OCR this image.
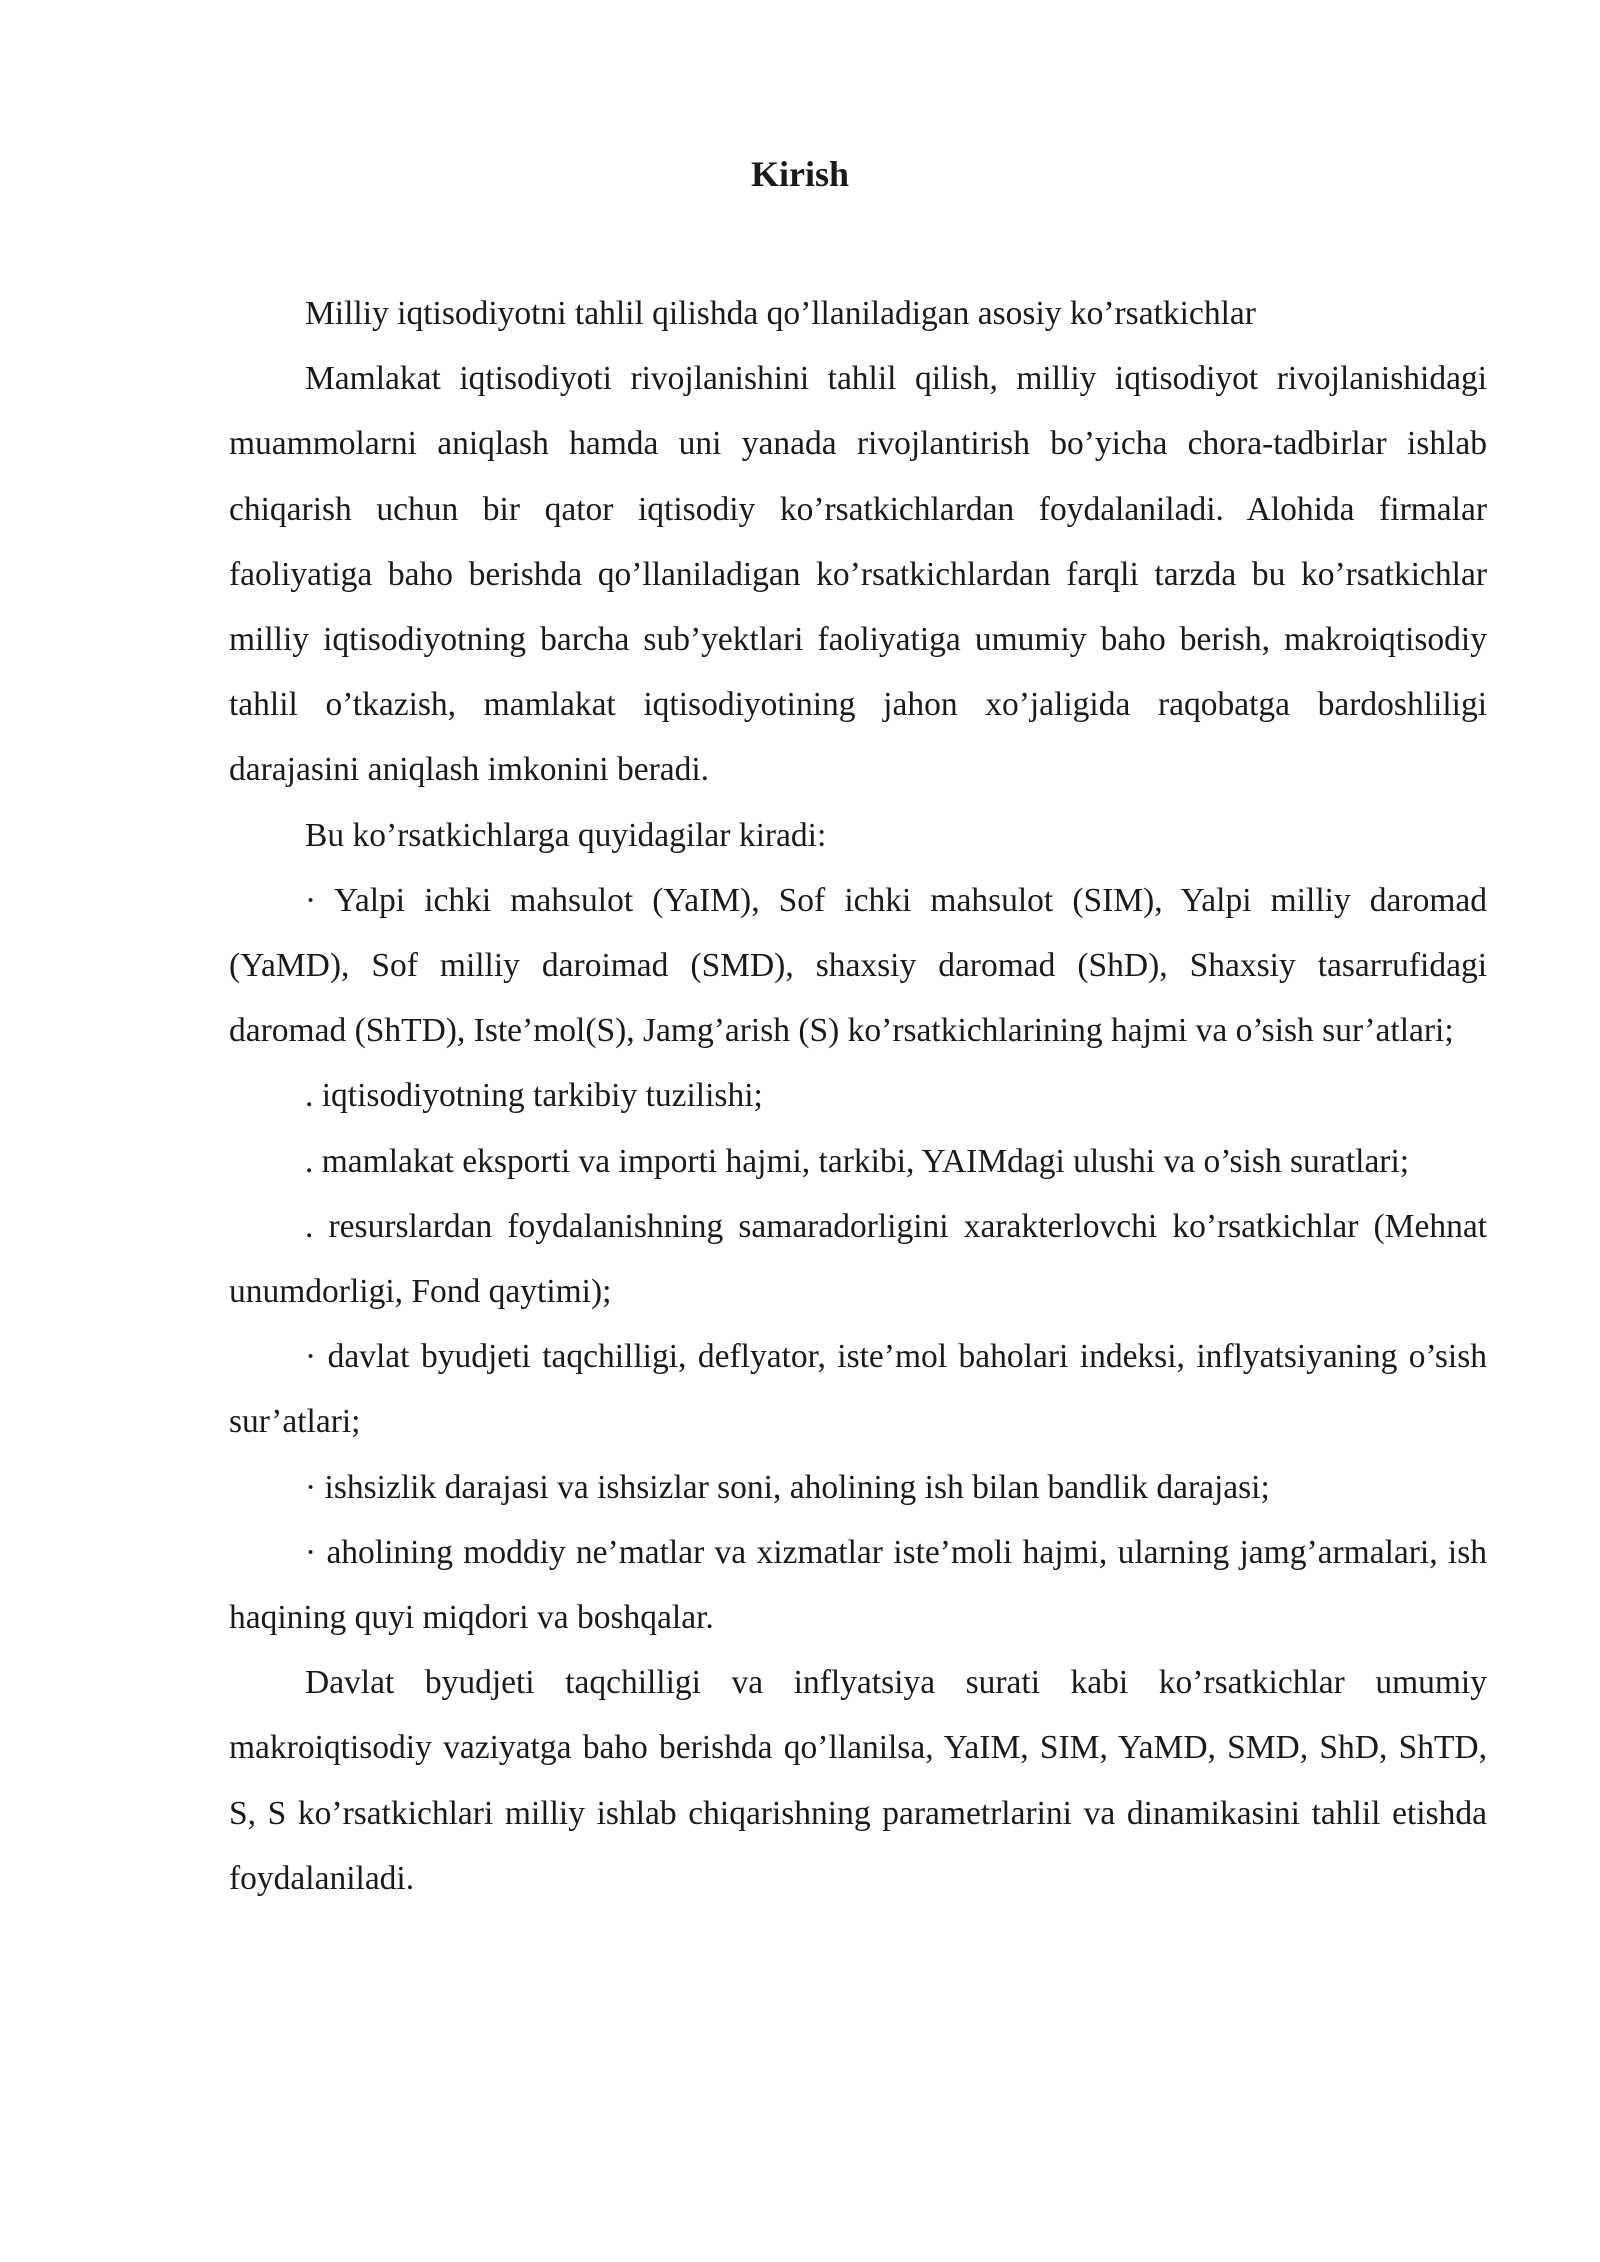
Kirish

Milliy iqtisodiyotni tahlil qilishda qo’llaniladigan asosiy ko’rsatkichlar

Mamlakat iqtisodiyoti rivojlanishini tahlil qilish, milliy iqtisodiyot rivojlanishidagi muammolarni aniqlash hamda uni yanada rivojlantirish bo’yicha chora-tadbirlar ishlab chiqarish uchun bir qator iqtisodiy ko’rsatkichlardan foydalaniladi. Alohida firmalar faoliyatiga baho berishda qo’llaniladigan ko’rsatkichlardan farqli tarzda bu ko’rsatkichlar milliy iqtisodiyotning barcha sub’yektlari faoliyatiga umumiy baho berish, makroiqtisodiy tahlil o’tkazish, mamlakat iqtisodiyotining jahon xo’jaligida raqobatga bardoshliligi darajasini aniqlash imkonini beradi.

Bu ko’rsatkichlarga quyidagilar kiradi:

· Yalpi ichki mahsulot (YaIM), Sof ichki mahsulot (SIM), Yalpi milliy daromad (YaMD), Sof milliy daroimad (SMD), shaxsiy daromad (ShD), Shaxsiy tasarrufidagi daromad (ShTD), Iste’mol(S), Jamg’arish (S) ko’rsatkichlarining hajmi va o’sish sur’atlari;

. iqtisodiyotning tarkibiy tuzilishi;

. mamlakat eksporti va importi hajmi, tarkibi, YAIMdagi ulushi va o’sish suratlari;

. resurslardan foydalanishning samaradorligini xarakterlovchi ko’rsatkichlar (Mehnat unumdorligi, Fond qaytimi);

· davlat byudjeti taqchilligi, deflyator, iste’mol baholari indeksi, inflyatsiyaning o’sish sur’atlari;

· ishsizlik darajasi va ishsizlar soni, aholining ish bilan bandlik darajasi;

· aholining moddiy ne’matlar va xizmatlar iste’moli hajmi, ularning jamg’armalari, ish haqining quyi miqdori va boshqalar.

Davlat byudjeti taqchilligi va inflyatsiya surati kabi ko’rsatkichlar umumiy makroiqtisodiy vaziyatga baho berishda qo’llanilsa, YaIM, SIM, YaMD, SMD, ShD, ShTD, S, S ko’rsatkichlari milliy ishlab chiqarishning parametrlarini va dinamikasini tahlil etishda foydalaniladi.
